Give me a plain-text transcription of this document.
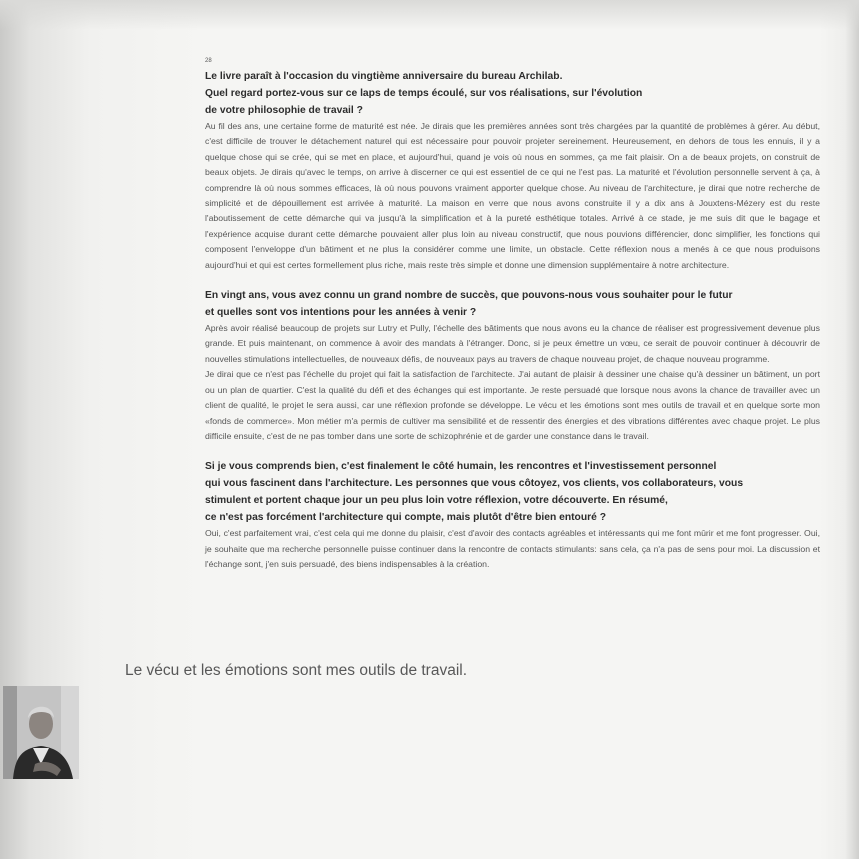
28
Le livre paraît à l'occasion du vingtième anniversaire du bureau Archilab.
Quel regard portez-vous sur ce laps de temps écoulé, sur vos réalisations, sur l'évolution
de votre philosophie de travail ?

Au fil des ans, une certaine forme de maturité est née. Je dirais que les premières années sont très chargées par la quantité de problèmes à gérer. Au début, c'est difficile de trouver le détachement naturel qui est nécessaire pour pouvoir projeter sereinement. Heureusement, en dehors de tous les ennuis, il y a quelque chose qui se crée, qui se met en place, et aujourd'hui, quand je vois où nous en sommes, ça me fait plaisir. On a de beaux projets, on construit de beaux objets. Je dirais qu'avec le temps, on arrive à discerner ce qui est essentiel de ce qui ne l'est pas. La maturité et l'évolution personnelle servent à ça, à comprendre là où nous sommes efficaces, là où nous pouvons vraiment apporter quelque chose. Au niveau de l'architecture, je dirai que notre recherche de simplicité et de dépouillement est arrivée à maturité. La maison en verre que nous avons construite il y a dix ans à Jouxtens-Mézery est du reste l'aboutissement de cette démarche qui va jusqu'à la simplification et à la pureté esthétique totales. Arrivé à ce stade, je me suis dit que le bagage et l'expérience acquise durant cette démarche pouvaient aller plus loin au niveau constructif, que nous pouvions différencier, donc simplifier, les fonctions qui composent l'enveloppe d'un bâtiment et ne plus la considérer comme une limite, un obstacle. Cette réflexion nous a menés à ce que nous produisons aujourd'hui et qui est certes formellement plus riche, mais reste très simple et donne une dimension supplémentaire à notre architecture.

En vingt ans, vous avez connu un grand nombre de succès, que pouvons-nous vous souhaiter pour le futur
et quelles sont vos intentions pour les années à venir ?

Après avoir réalisé beaucoup de projets sur Lutry et Pully, l'échelle des bâtiments que nous avons eu la chance de réaliser est progressivement devenue plus grande. Et puis maintenant, on commence à avoir des mandats à l'étranger. Donc, si je peux émettre un vœu, ce serait de pouvoir continuer à découvrir de nouvelles stimulations intellectuelles, de nouveaux défis, de nouveaux pays au travers de chaque nouveau projet, de chaque nouveau programme.

Je dirai que ce n'est pas l'échelle du projet qui fait la satisfaction de l'architecte. J'ai autant de plaisir à dessiner une chaise qu'à dessiner un bâtiment, un port ou un plan de quartier. C'est la qualité du défi et des échanges qui est importante. Je reste persuadé que lorsque nous avons la chance de travailler avec un client de qualité, le projet le sera aussi, car une réflexion profonde se développe. Le vécu et les émotions sont mes outils de travail et en quelque sorte mon «fonds de commerce». Mon métier m'a permis de cultiver ma sensibilité et de ressentir des énergies et des vibrations différentes avec chaque projet. Le plus difficile ensuite, c'est de ne pas tomber dans une sorte de schizophrénie et de garder une constance dans le travail.

Si je vous comprends bien, c'est finalement le côté humain, les rencontres et l'investissement personnel
qui vous fascinent dans l'architecture. Les personnes que vous côtoyez, vos clients, vos collaborateurs, vous
stimulent et portent chaque jour un peu plus loin votre réflexion, votre découverte. En résumé,
ce n'est pas forcément l'architecture qui compte, mais plutôt d'être bien entouré ?

Oui, c'est parfaitement vrai, c'est cela qui me donne du plaisir, c'est d'avoir des contacts agréables et intéressants qui me font mûrir et me font progresser. Oui, je souhaite que ma recherche personnelle puisse continuer dans la rencontre de contacts stimulants: sans cela, ça n'a pas de sens pour moi. La discussion et l'échange sont, j'en suis persuadé, des biens indispensables à la création.

Le vécu et les émotions sont mes outils de travail.
